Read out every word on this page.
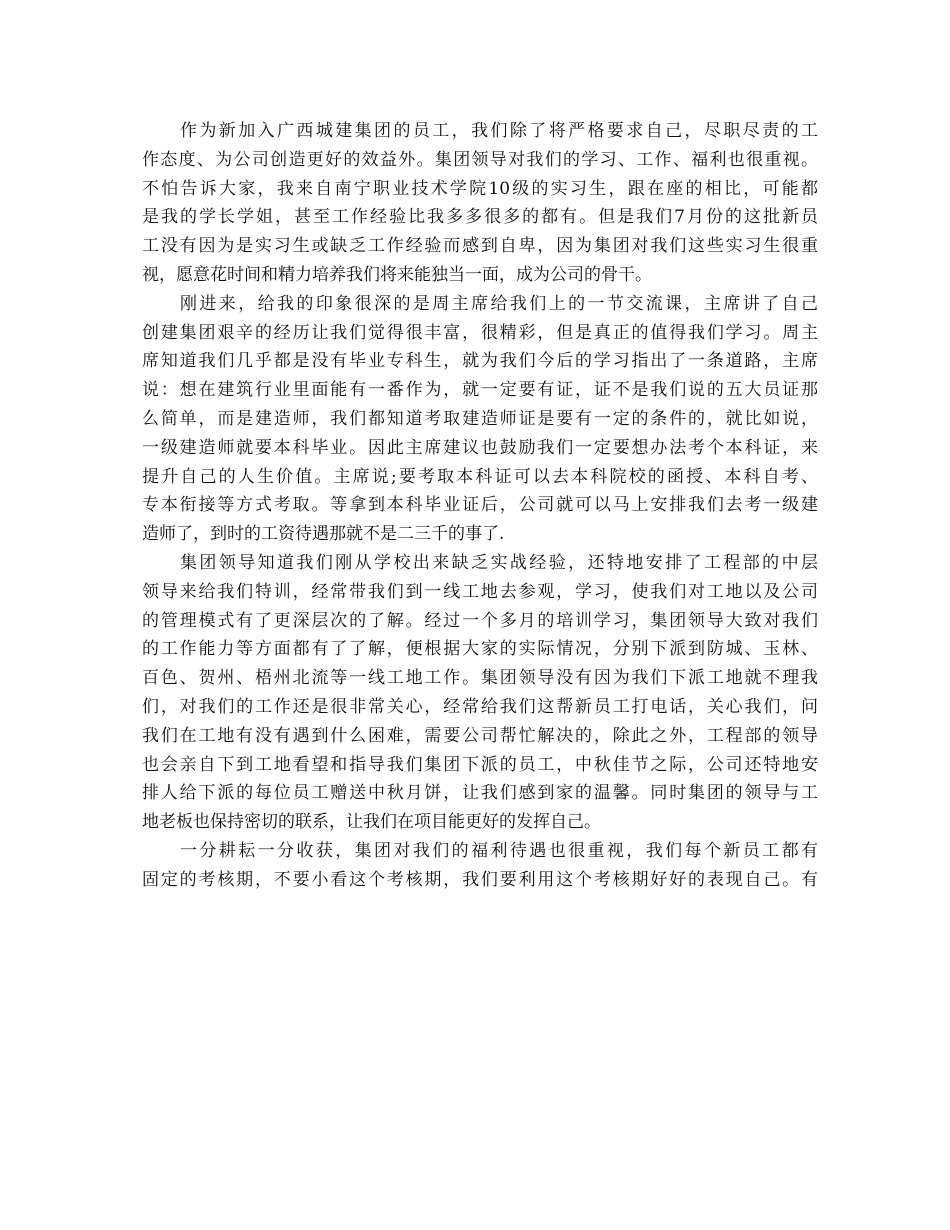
作为新加入广西城建集团的员工，我们除了将严格要求自己，尽职尽责的工
作态度、为公司创造更好的效益外。集团领导对我们的学习、工作、福利也很重视。
不怕告诉大家，我来自南宁职业技术学院10级的实习生，跟在座的相比，可能都
是我的学长学姐，甚至工作经验比我多多很多的都有。但是我们7月份的这批新员
工没有因为是实习生或缺乏工作经验而感到自卑，因为集团对我们这些实习生很重
视，愿意花时间和精力培养我们将来能独当一面，成为公司的骨干。
刚进来，给我的印象很深的是周主席给我们上的一节交流课，主席讲了自己
创建集团艰辛的经历让我们觉得很丰富，很精彩，但是真正的值得我们学习。周主
席知道我们几乎都是没有毕业专科生，就为我们今后的学习指出了一条道路，主席
说：想在建筑行业里面能有一番作为，就一定要有证，证不是我们说的五大员证那
么简单，而是建造师，我们都知道考取建造师证是要有一定的条件的，就比如说，
一级建造师就要本科毕业。因此主席建议也鼓励我们一定要想办法考个本科证，来
提升自己的人生价值。主席说;要考取本科证可以去本科院校的函授、本科自考、
专本衔接等方式考取。等拿到本科毕业证后，公司就可以马上安排我们去考一级建
造师了，到时的工资待遇那就不是二三千的事了.
集团领导知道我们刚从学校出来缺乏实战经验，还特地安排了工程部的中层
领导来给我们特训，经常带我们到一线工地去参观，学习，使我们对工地以及公司
的管理模式有了更深层次的了解。经过一个多月的培训学习，集团领导大致对我们
的工作能力等方面都有了了解，便根据大家的实际情况，分别下派到防城、玉林、
百色、贺州、梧州北流等一线工地工作。集团领导没有因为我们下派工地就不理我
们，对我们的工作还是很非常关心，经常给我们这帮新员工打电话，关心我们，问
我们在工地有没有遇到什么困难，需要公司帮忙解决的，除此之外，工程部的领导
也会亲自下到工地看望和指导我们集团下派的员工，中秋佳节之际，公司还特地安
排人给下派的每位员工赠送中秋月饼，让我们感到家的温馨。同时集团的领导与工
地老板也保持密切的联系，让我们在项目能更好的发挥自己。
一分耕耘一分收获，集团对我们的福利待遇也很重视，我们每个新员工都有
固定的考核期，不要小看这个考核期，我们要利用这个考核期好好的表现自己。有
